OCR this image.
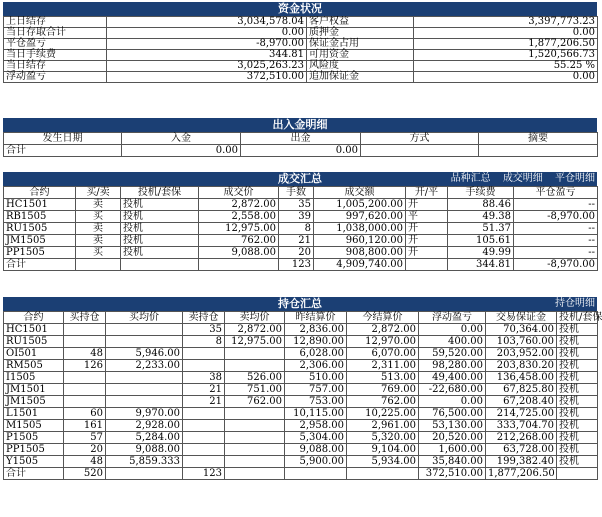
资金状况
上日结存	3,034,578.04	客户权益	3,397,773.23
当日存取合计	0.00	质押金	0.00
平仓盈亏	-8,970.00	保证金占用	1,877,206.50
当日手续费	344.81	可用资金	1,520,566.73
当日结存	3,025,263.23	风险度	55.25 %
浮动盈亏	372,510.00	追加保证金	0.00
出入金明细
发生日期	入金	出金	方式	摘要
合计	0.00	0.00		
成交汇总	品种汇总 成交明细 平仓明细
合约	买/卖	投机/套保	成交价	手数	成交额	开/平	手续费	平仓盈亏
HC1501	卖	投机	2,872.00	35	1,005,200.00	开	88.46	--
RB1505	买	投机	2,558.00	39	997,620.00	平	49.38	-8,970.00
RU1505	卖	投机	12,975.00	8	1,038,000.00	开	51.37	--
JM1505	卖	投机	762.00	21	960,120.00	开	105.61	--
PP1505	买	投机	9,088.00	20	908,800.00	开	49.99	--
合计				123	4,909,740.00		344.81	-8,970.00
持仓汇总	持仓明细
合约	买持仓	买均价	卖持仓	卖均价	昨结算价	今结算价	浮动盈亏	交易保证金	投机/套保
HC1501			35	2,872.00	2,836.00	2,872.00	0.00	70,364.00	投机
RU1505			8	12,975.00	12,890.00	12,970.00	400.00	103,760.00	投机
OI501	48	5,946.00			6,028.00	6,070.00	59,520.00	203,952.00	投机
RM505	126	2,233.00			2,306.00	2,311.00	98,280.00	203,830.20	投机
I1505			38	526.00	510.00	513.00	49,400.00	136,458.00	投机
JM1501			21	751.00	757.00	769.00	-22,680.00	67,825.80	投机
JM1505			21	762.00	753.00	762.00	0.00	67,208.40	投机
L1501	60	9,970.00			10,115.00	10,225.00	76,500.00	214,725.00	投机
M1505	161	2,928.00			2,958.00	2,961.00	53,130.00	333,704.70	投机
P1505	57	5,284.00			5,304.00	5,320.00	20,520.00	212,268.00	投机
PP1505	20	9,088.00			9,088.00	9,104.00	1,600.00	63,728.00	投机
Y1505	48	5,859.333			5,900.00	5,934.00	35,840.00	199,382.40	投机
合计	520		123				372,510.00	1,877,206.50	
